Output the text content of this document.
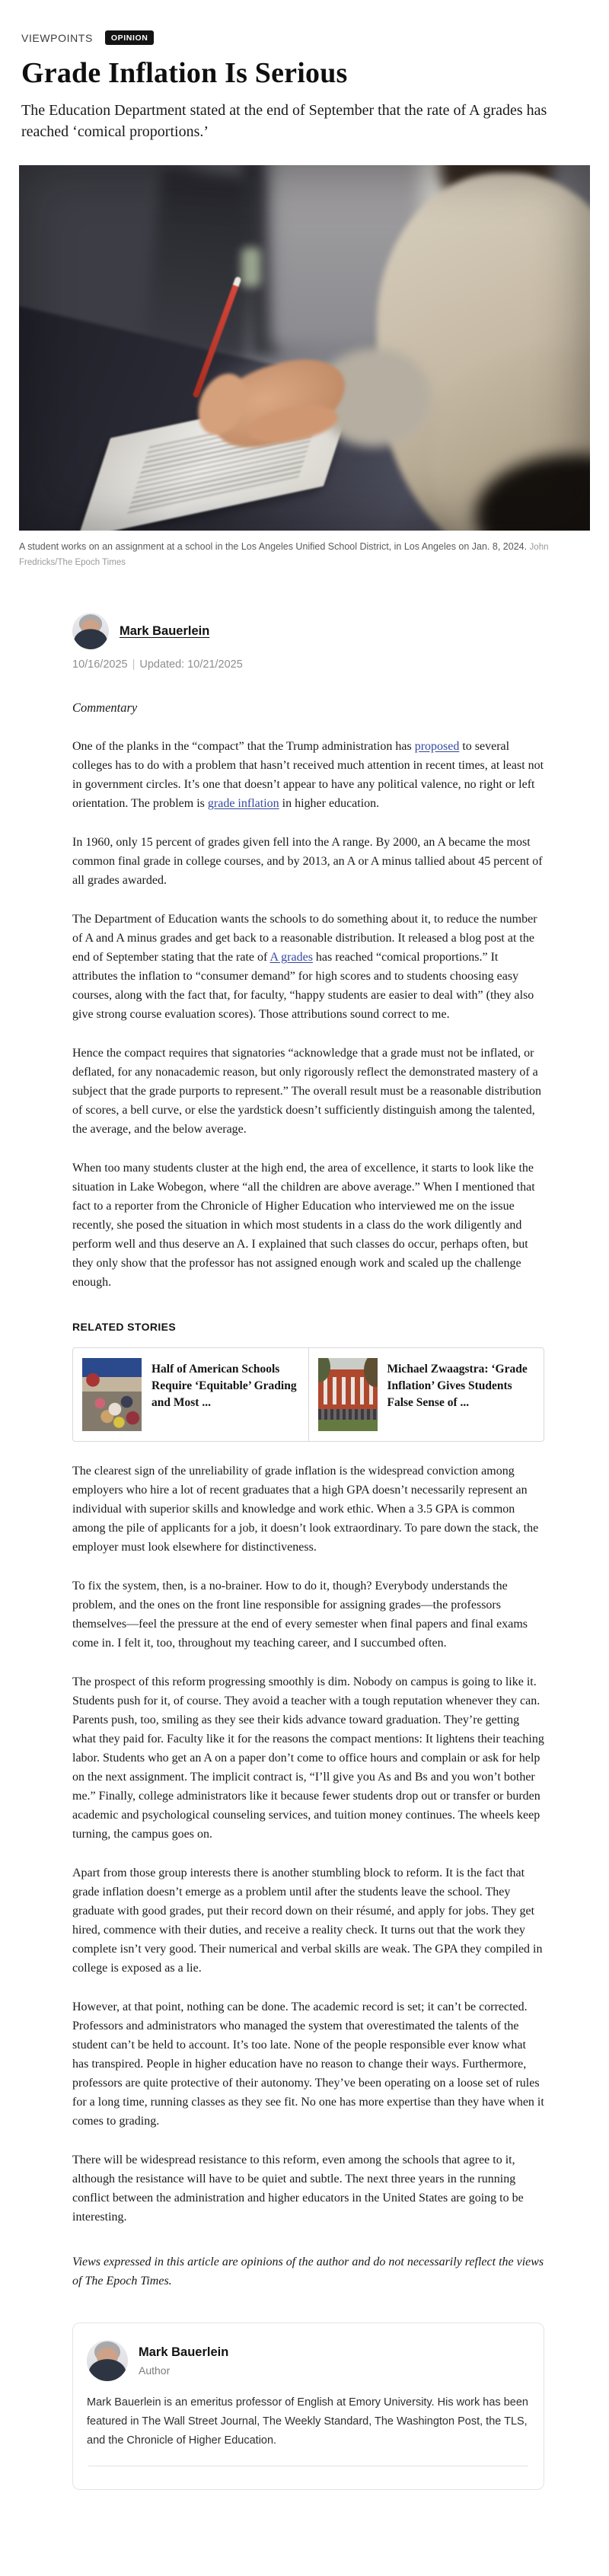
VIEWPOINTS	OPINION
Grade Inflation Is Serious
The Education Department stated at the end of September that the rate of A grades has reached ‘comical proportions.’
A student works on an assignment at a school in the Los Angeles Unified School District, in Los Angeles on Jan. 8, 2024. John Fredricks/The Epoch Times
Mark Bauerlein
10/16/2025 | Updated: 10/21/2025
Commentary

One of the planks in the “compact” that the Trump administration has proposed to several colleges has to do with a problem that hasn’t received much attention in recent times, at least not in government circles. It’s one that doesn’t appear to have any political valence, no right or left orientation. The problem is grade inflation in higher education.

In 1960, only 15 percent of grades given fell into the A range. By 2000, an A became the most common final grade in college courses, and by 2013, an A or A minus tallied about 45 percent of all grades awarded.

The Department of Education wants the schools to do something about it, to reduce the number of A and A minus grades and get back to a reasonable distribution. It released a blog post at the end of September stating that the rate of A grades has reached “comical proportions.” It attributes the inflation to “consumer demand” for high scores and to students choosing easy courses, along with the fact that, for faculty, “happy students are easier to deal with” (they also give strong course evaluation scores). Those attributions sound correct to me.

Hence the compact requires that signatories “acknowledge that a grade must not be inflated, or deflated, for any nonacademic reason, but only rigorously reflect the demonstrated mastery of a subject that the grade purports to represent.” The overall result must be a reasonable distribution of scores, a bell curve, or else the yardstick doesn’t sufficiently distinguish among the talented, the average, and the below average.

When too many students cluster at the high end, the area of excellence, it starts to look like the situation in Lake Wobegon, where “all the children are above average.” When I mentioned that fact to a reporter from the Chronicle of Higher Education who interviewed me on the issue recently, she posed the situation in which most students in a class do the work diligently and perform well and thus deserve an A. I explained that such classes do occur, perhaps often, but they only show that the professor has not assigned enough work and scaled up the challenge enough.

RELATED STORIES
Half of American Schools Require ‘Equitable’ Grading and Most ...
Michael Zwaagstra: ‘Grade Inflation’ Gives Students False Sense of ...

The clearest sign of the unreliability of grade inflation is the widespread conviction among employers who hire a lot of recent graduates that a high GPA doesn’t necessarily represent an individual with superior skills and knowledge and work ethic. When a 3.5 GPA is common among the pile of applicants for a job, it doesn’t look extraordinary. To pare down the stack, the employer must look elsewhere for distinctiveness.

To fix the system, then, is a no-brainer. How to do it, though? Everybody understands the problem, and the ones on the front line responsible for assigning grades—the professors themselves—feel the pressure at the end of every semester when final papers and final exams come in. I felt it, too, throughout my teaching career, and I succumbed often.

The prospect of this reform progressing smoothly is dim. Nobody on campus is going to like it. Students push for it, of course. They avoid a teacher with a tough reputation whenever they can. Parents push, too, smiling as they see their kids advance toward graduation. They’re getting what they paid for. Faculty like it for the reasons the compact mentions: It lightens their teaching labor. Students who get an A on a paper don’t come to office hours and complain or ask for help on the next assignment. The implicit contract is, “I’ll give you As and Bs and you won’t bother me.” Finally, college administrators like it because fewer students drop out or transfer or burden academic and psychological counseling services, and tuition money continues. The wheels keep turning, the campus goes on.

Apart from those group interests there is another stumbling block to reform. It is the fact that grade inflation doesn’t emerge as a problem until after the students leave the school. They graduate with good grades, put their record down on their résumé, and apply for jobs. They get hired, commence with their duties, and receive a reality check. It turns out that the work they complete isn’t very good. Their numerical and verbal skills are weak. The GPA they compiled in college is exposed as a lie.

However, at that point, nothing can be done. The academic record is set; it can’t be corrected. Professors and administrators who managed the system that overestimated the talents of the student can’t be held to account. It’s too late. None of the people responsible ever know what has transpired. People in higher education have no reason to change their ways. Furthermore, professors are quite protective of their autonomy. They’ve been operating on a loose set of rules for a long time, running classes as they see fit. No one has more expertise than they have when it comes to grading.

There will be widespread resistance to this reform, even among the schools that agree to it, although the resistance will have to be quiet and subtle. The next three years in the running conflict between the administration and higher educators in the United States are going to be interesting.

Views expressed in this article are opinions of the author and do not necessarily reflect the views of The Epoch Times.

Mark Bauerlein
Author
Mark Bauerlein is an emeritus professor of English at Emory University. His work has been featured in The Wall Street Journal, The Weekly Standard, The Washington Post, the TLS, and the Chronicle of Higher Education.
